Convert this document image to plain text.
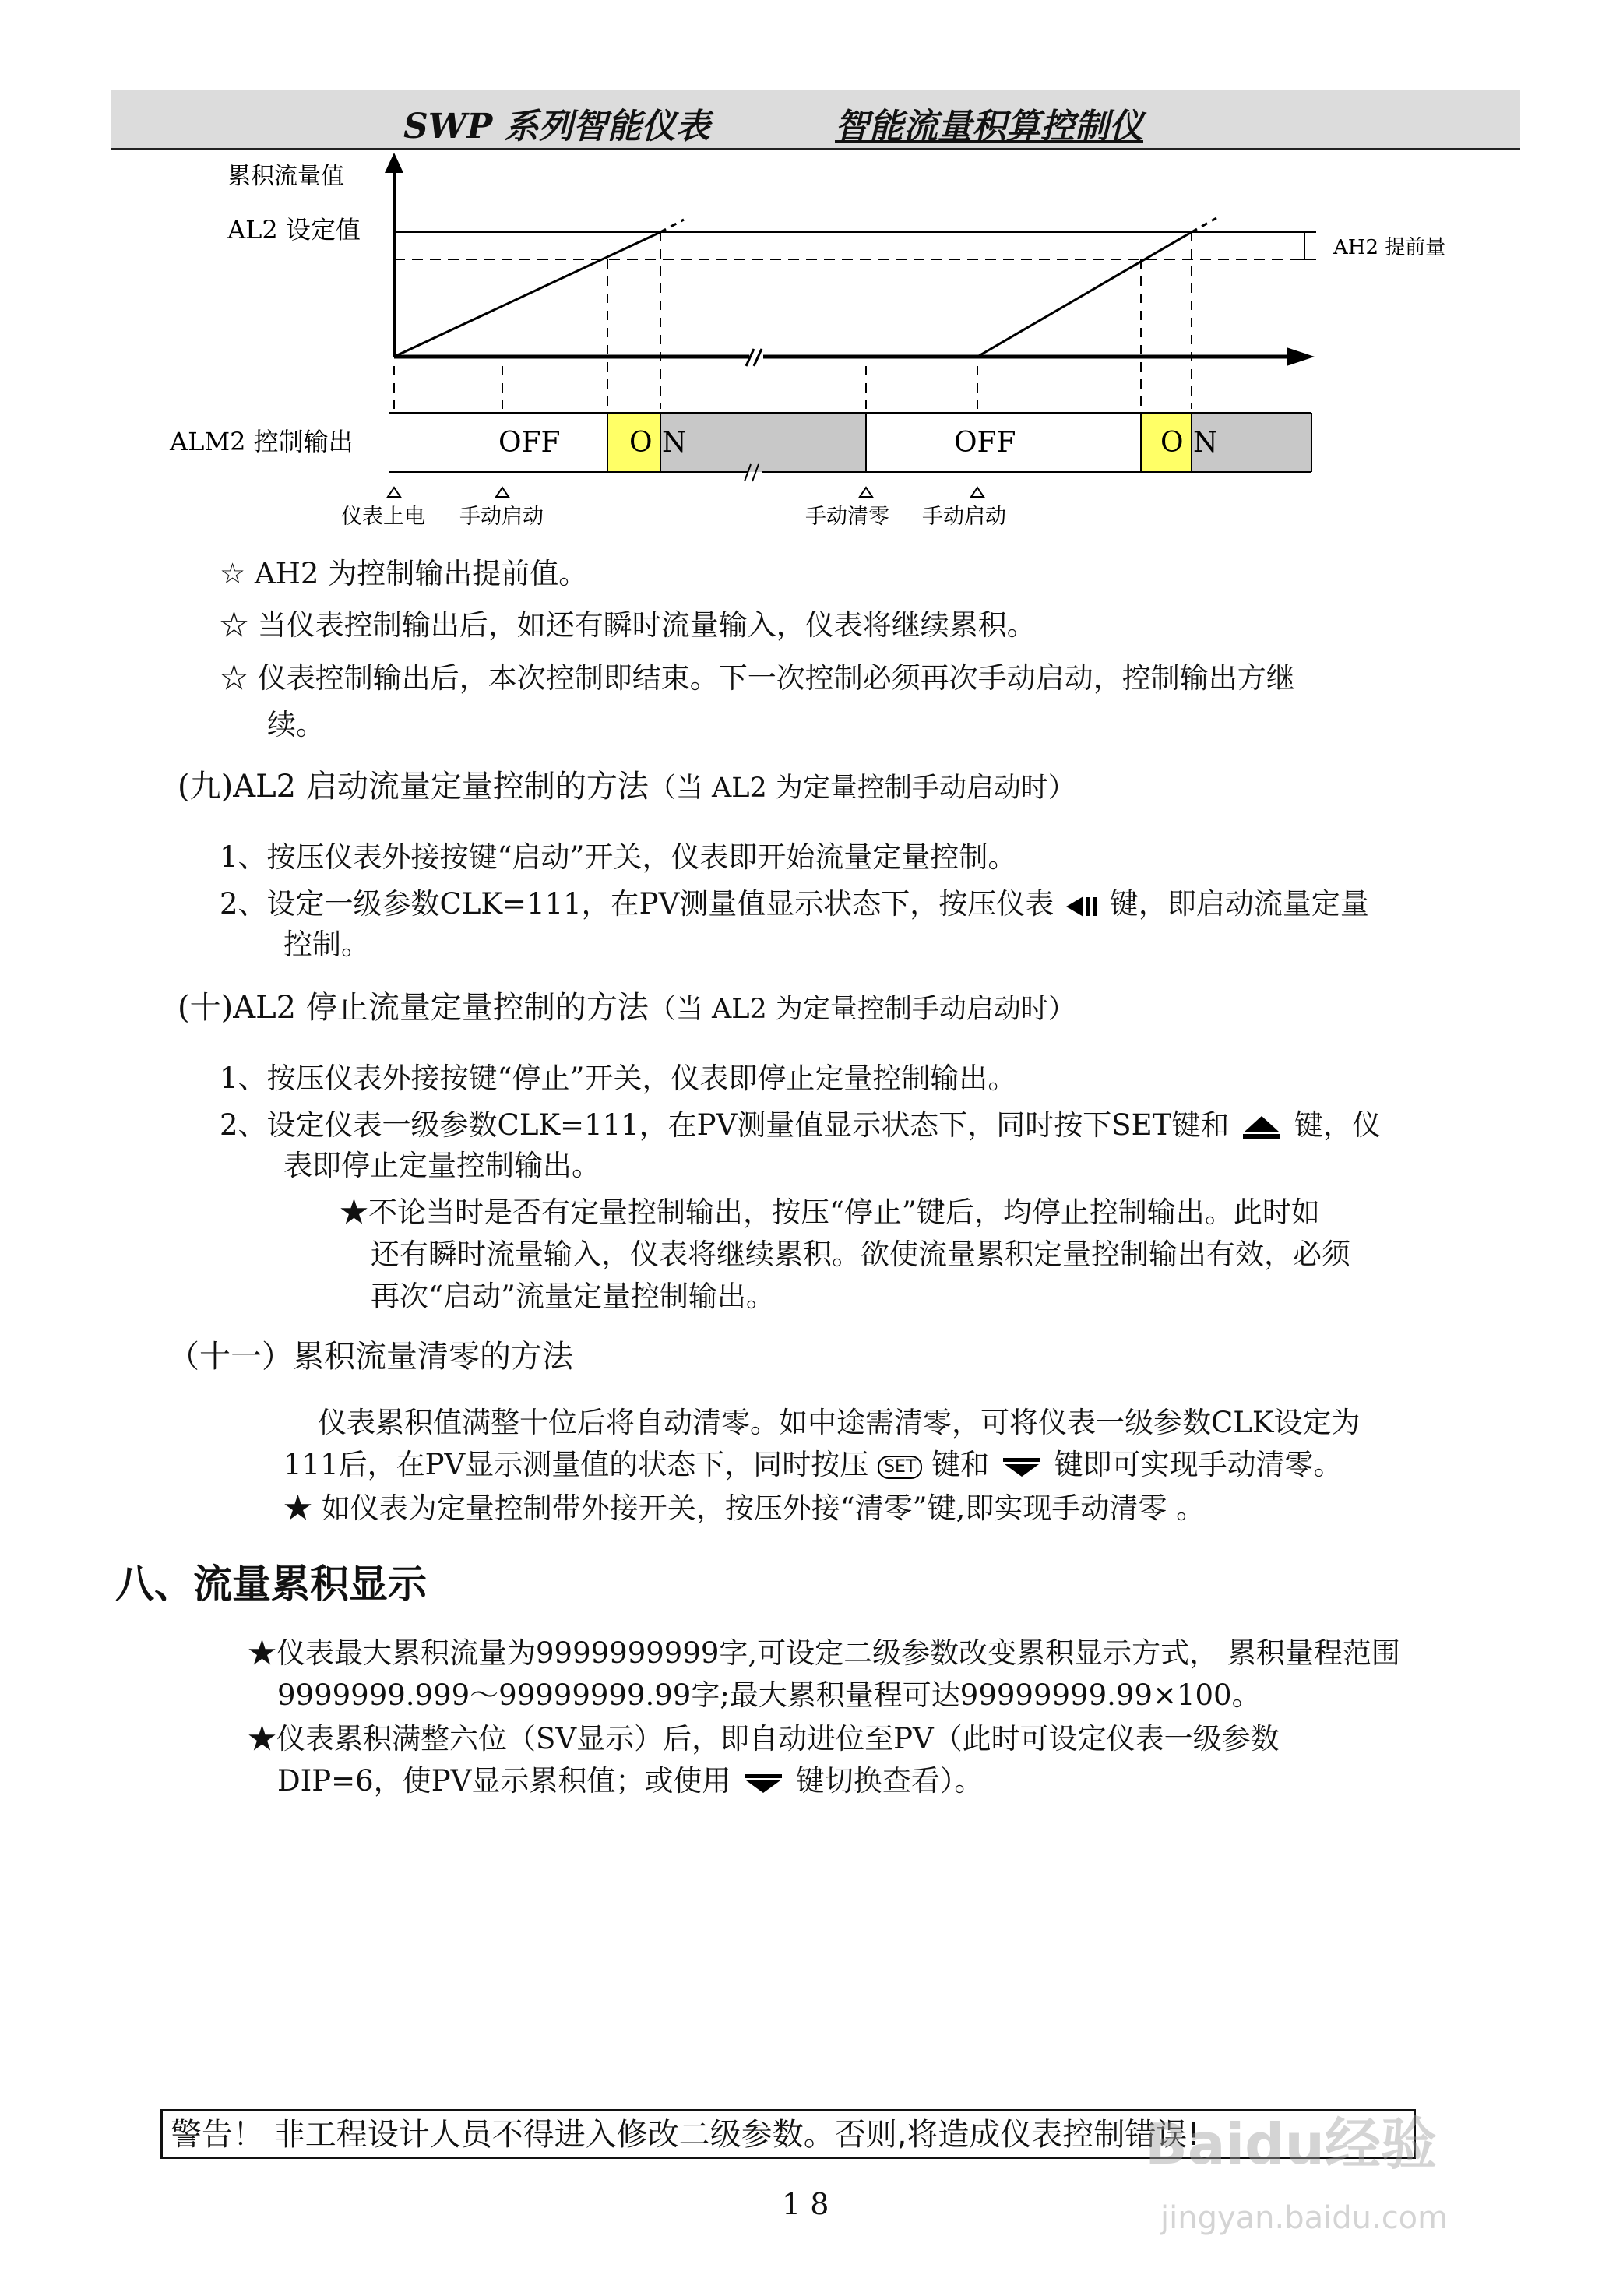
SWP 系列智能仪表	智能流量积算控制仪
累积流量值
AL2 设定值
AH2 提前量
ALM2 控制输出	OFF O N	OFF	O N
仪表上电 手动启动	手动清零 手动启动
☆ AH2 为控制输出提前值。
☆ 当仪表控制输出后，如还有瞬时流量输入，仪表将继续累积。
☆ 仪表控制输出后，本次控制即结束。下一次控制必须再次手动启动，控制输出方继
续。
(九)AL2 启动流量定量控制的方法（当 AL2 为定量控制手动启动时）
1、按压仪表外接按键“启动”开关，仪表即开始流量定量控制。
2、设定一级参数CLK=111，在PV测量值显示状态下，按压仪表 键，即启动流量定量
控制。
(十)AL2 停止流量定量控制的方法（当 AL2 为定量控制手动启动时）
1、按压仪表外接按键“停止”开关，仪表即停止定量控制输出。
2、设定仪表一级参数CLK=111，在PV测量值显示状态下，同时按下SET键和 键，仪
表即停止定量控制输出。
★不论当时是否有定量控制输出，按压“停止”键后，均停止控制输出。此时如
还有瞬时流量输入，仪表将继续累积。欲使流量累积定量控制输出有效，必须
再次“启动”流量定量控制输出。
（十一）累积流量清零的方法
仪表累积值满整十位后将自动清零。如中途需清零，可将仪表一级参数CLK设定为
111后，在PV显示测量值的状态下，同时按压 SET 键和 键即可实现手动清零。
★ 如仪表为定量控制带外接开关，按压外接“清零”键,即实现手动清零 。
八、流量累积显示
★仪表最大累积流量为9999999999字,可设定二级参数改变累积显示方式， 累积量程范围
9999999.999～99999999.99字;最大累积量程可达99999999.99×100。
★仪表累积满整六位（SV显示）后，即自动进位至PV（此时可设定仪表一级参数
DIP=6，使PV显示累积值；或使用 键切换查看）。
警告！ 非工程设计人员不得进入修改二级参数。否则,将造成仪表控制错误!
Baidu经验
jingyan.baidu.com
1 8
